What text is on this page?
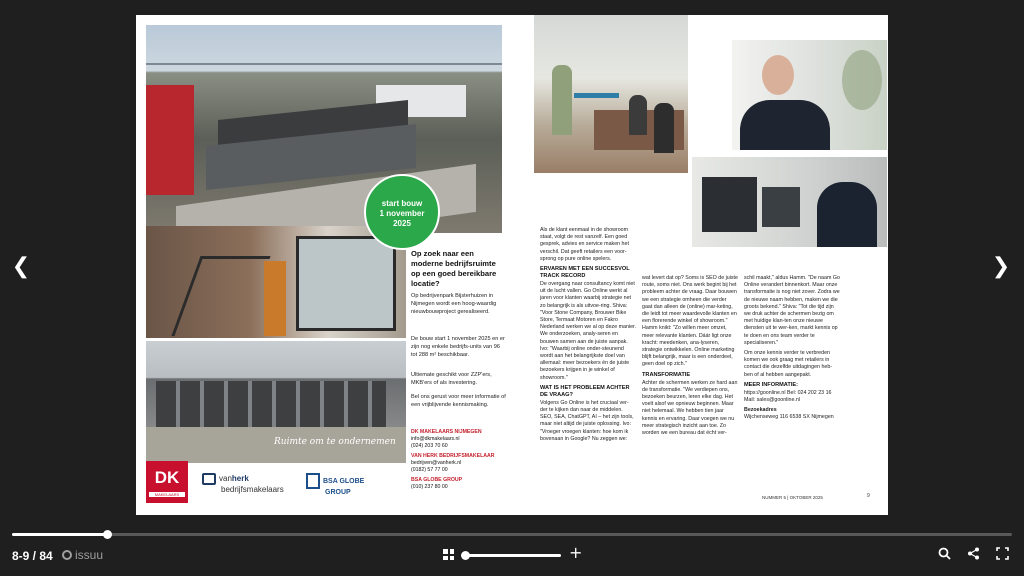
❮	❯
Ruimte om te ondernemen
start bouw
1 november
2025
Op zoek naar een moderne bedrijfsruimte op een goed bereikbare locatie?

Op bedrijvenpark Bijsterhuizen in Nijmegen wordt een hoog-waardig nieuwbouwproject gerealiseerd.

De bouw start 1 november 2025 en er zijn nog enkele bedrijfs-units van 96 tot 288 m² beschikbaar.

Ultiemate geschikt voor ZZP'ers, MKB'ers of als investering.

Bel ons gerust voor meer informatie of een vrijblijvende kennismaking.

DK MAKELAARS NIJMEGEN
info@dkmakelaars.nl
(024) 203 70 60
VAN HERK BEDRIJFSMAKELAAR
bedrijven@vanherk.nl
(0182) 57 77 00
BSA GLOBE GROUP
(010) 237 80 00
DK
MAKELAARS
vanherk
bedrijfsmakelaars
BSA GLOBE
GROUP

Als de klant eenmaal in de showroom staat, volgt de rest vanzelf. Een goed gesprek, advies en service maken het verschil. Dat geeft retailers een voor-sprong op pure online spelers.

ERVAREN MET EEN SUCCESVOL TRACK RECORD

De overgang naar consultancy komt niet uit de lucht vallen. Go Online werkt al jaren voor klanten waarbij strategie net zo belangrijk is als uitvoe-ring. Shiva: "Voor Stone Company, Brouwer Bike Store, Termaat Motoren en Fakro Nederland werken we al op deze manier. We onderzoeken, analy-seren en bouwen samen aan de juiste aanpak. Ivo: "Waarbij online onder-steunend wordt aan het belangrijkste doel van allemaal: meer bezoekers én de juiste bezoekers krijgen in je winkel of showroom."

WAT IS HET PROBLEEM ACHTER DE VRAAG?

Volgens Go Online is het cruciaal ver-der te kijken dan naar de middelen. SEO, SEA, ChatGPT, AI – het zijn tools, maar niet altijd de juiste oplossing. Ivo: "Vroeger vroegen klanten: hoe kom ik bovenaan in Google? Nu zeggen we:

wat levert dat op? Soms is SEO de juiste route, soms niet. Ons werk begint bij het probleem achter de vraag. Daar bouwen we een strategie omheen die verder gaat dan alleen de (online) mar-keting, die leidt tot meer waardevolle klanten en een florerende winkel of showroom." Hamm knikt: "Zo willen meer omzet, meer relevante klanten. Dáár ligt onze kracht: meedenken, ana-lyseren, strategie ontwikkelen. Online marketing blijft belangrijk, maar is een onderdeel, geen doel op zich."

TRANSFORMATIE

Achter de schermen werken ze hard aan de transformatie. "We verdiepen ons, bezoeken beurzen, leren elke dag. Het voelt alsof we opnieuw beginnen. Maar niet helemaal. We hebben tien jaar kennis en ervaring. Daar voegen we nu meer strategisch inzicht aan toe. Zo worden we een bureau dat écht ver-

schil maakt," aldus Hamm. "De naam Go Online verandert binnenkort. Maar onze transformatie is nog niet zover. Zodra we de nieuwe naam hebben, maken we die groots bekend." Shiva: "Tot die tijd zijn we druk achter de schermen bezig om met huidige klan-ten onze nieuwe diensten uit te wer-ken, markt kennis op te doen en ons team verder te specialiseren."

Om onze kennis verder te verbreden komen we ook graag met retailers in contact die dezelfde uitdagingen heb-ben of al hebben aangepakt.

MEER INFORMATIE:

https://goonline.nl Bel: 024 202 23 16 Mail: sales@goonline.nl

Bezoekadres

Wijchenseweg 116 6538 SX Nijmegen

NUMMER 5 | OKTOBER 2025	9
8-9 / 84	issuu	+
